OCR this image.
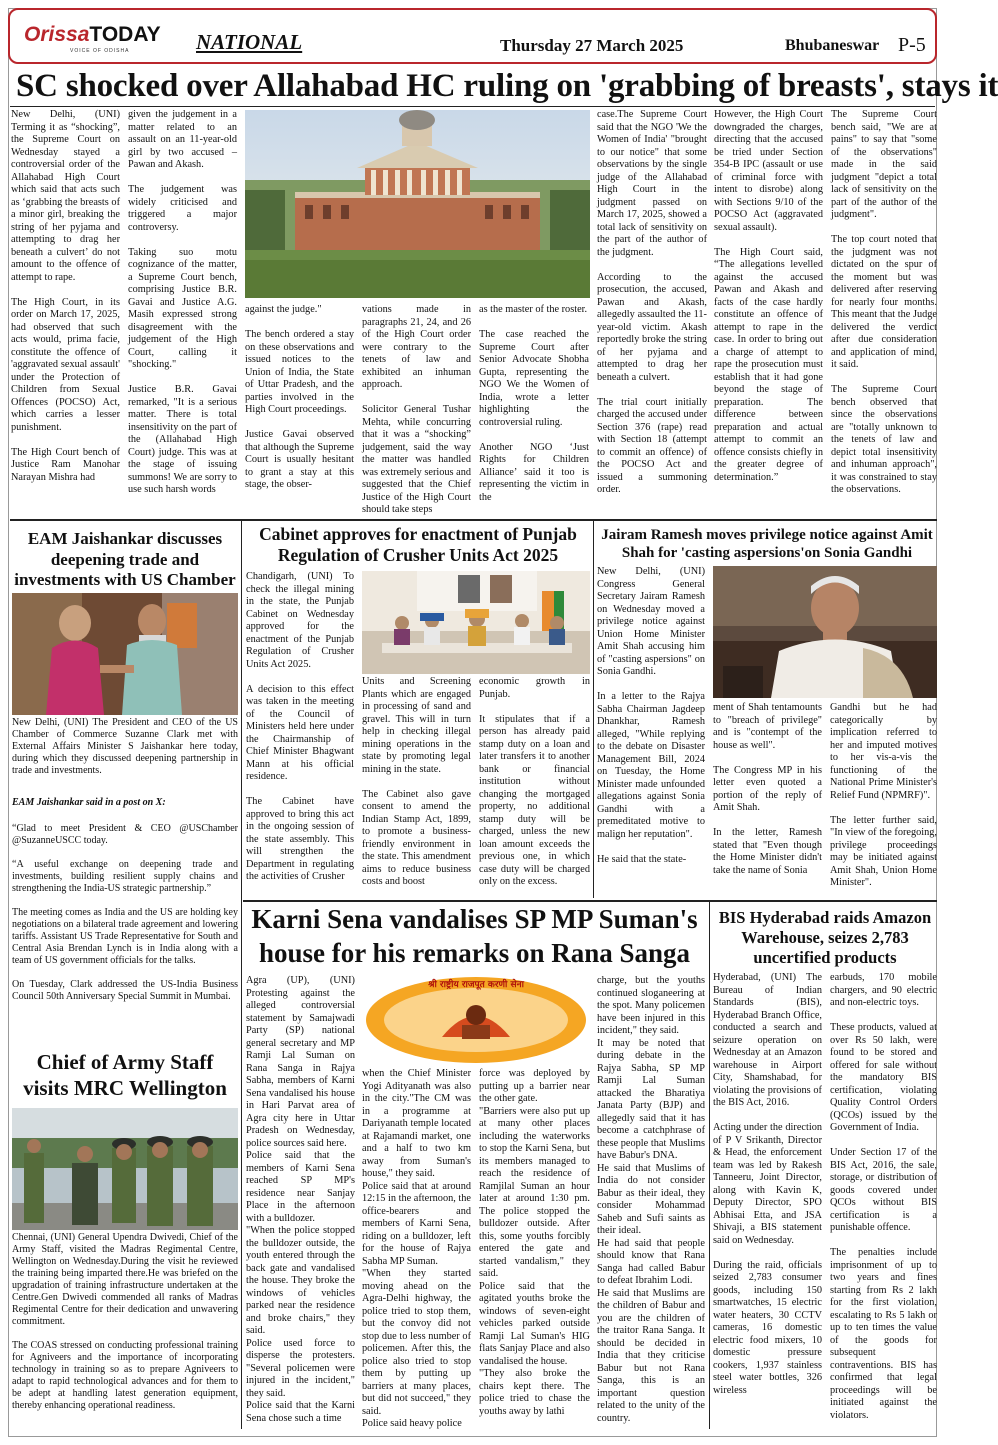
OrissaTODAY
VOICE OF ODISHA	NATIONAL	Thursday 27 March 2025	Bhubaneswar P-5
SC shocked over Allahabad HC ruling on 'grabbing of breasts', stays it
New Delhi, (UNI) Terming it as “shocking”, the Supreme Court on Wednesday stayed a controversial order of the Allahabad High Court which said that acts such as ‘grabbing the breasts of a minor girl, breaking the string of her pyjama and attempting to drag her beneath a culvert’ do not amount to the offence of attempt to rape.

The High Court, in its order on March 17, 2025, had observed that such acts would, prima facie, constitute the offence of 'aggravated sexual assault' under the Protection of Children from Sexual Offences (POCSO) Act, which carries a lesser punishment.

The High Court bench of Justice Ram Manohar Narayan Mishra had
given the judgement in a matter related to an assault on an 11-year-old girl by two accused – Pawan and Akash.

The judgement was widely criticised and triggered a major controversy.

Taking suo motu cognizance of the matter, a Supreme Court bench, comprising Justice B.R. Gavai and Justice A.G. Masih expressed strong disagreement with the judgement of the High Court, calling it "shocking."

Justice B.R. Gavai remarked, "It is a serious matter. There is total insensitivity on the part of the (Allahabad High Court) judge. This was at the stage of issuing summons! We are sorry to use such harsh words
against the judge."

The bench ordered a stay on these observations and issued notices to the Union of India, the State of Uttar Pradesh, and the parties involved in the High Court proceedings.

Justice Gavai observed that although the Supreme Court is usually hesitant to grant a stay at this stage, the obser-
vations made in paragraphs 21, 24, and 26 of the High Court order were contrary to the tenets of law and exhibited an inhuman approach.

Solicitor General Tushar Mehta, while concurring that it was a “shocking” judgement, said the way the matter was handled was extremely serious and suggested that the Chief Justice of the High Court should take steps
as the master of the roster.

The case reached the Supreme Court after Senior Advocate Shobha Gupta, representing the NGO We the Women of India, wrote a letter highlighting the controversial ruling.

Another NGO ‘Just Rights for Children Alliance’ said it too is representing the victim in the
case.The Supreme Court said that the NGO 'We the Women of India' "brought to our notice" that some observations by the single judge of the Allahabad High Court in the judgment passed on March 17, 2025, showed a total lack of sensitivity on the part of the author of the judgment.

According to the prosecution, the accused, Pawan and Akash, allegedly assaulted the 11-year-old victim. Akash reportedly broke the string of her pyjama and attempted to drag her beneath a culvert.

The trial court initially charged the accused under Section 376 (rape) read with Section 18 (attempt to commit an offence) of the POCSO Act and issued a summoning order.
However, the High Court downgraded the charges, directing that the accused be tried under Section 354-B IPC (assault or use of criminal force with intent to disrobe) along with Sections 9/10 of the POCSO Act (aggravated sexual assault).

The High Court said, “The allegations levelled against the accused Pawan and Akash and facts of the case hardly constitute an offence of attempt to rape in the case. In order to bring out a charge of attempt to rape the prosecution must establish that it had gone beyond the stage of preparation. The difference between preparation and actual attempt to commit an offence consists chiefly in the greater degree of determination.”
The Supreme Court bench said, "We are at pains" to say that "some of the observations" made in the said judgment "depict a total lack of sensitivity on the part of the author of the judgment".

The top court noted that the judgment was not dictated on the spur of the moment but was delivered after reserving for nearly four months. This meant that the Judge delivered the verdict after due consideration and application of mind, it said.

The Supreme Court bench observed that since the observations are "totally unknown to the tenets of law and depict total insensitivity and inhuman approach", it was constrained to stay the observations.
EAM Jaishankar discusses deepening trade and investments with US Chamber
New Delhi, (UNI) The President and CEO of the US Chamber of Commerce Suzanne Clark met with External Affairs Minister S Jaishankar here today, during which they discussed deepening partnership in trade and investments.
EAM Jaishankar said in a post on X:
“Glad to meet President & CEO @USChamber @SuzanneUSCC today.

“A useful exchange on deepening trade and investments, building resilient supply chains and strengthening the India-US strategic partnership.”

The meeting comes as India and the US are holding key negotiations on a bilateral trade agreement and lowering tariffs. Assistant US Trade Representative for South and Central Asia Brendan Lynch is in India along with a team of US government officials for the talks.

On Tuesday, Clark addressed the US-India Business Council 50th Anniversary Special Summit in Mumbai.
Chief of Army Staff visits MRC Wellington
Chennai, (UNI) General Upendra Dwivedi, Chief of the Army Staff, visited the Madras Regimental Centre, Wellington on Wednesday.During the visit he reviewed the training being imparted there.He was briefed on the upgradation of training infrastructure undertaken at the Centre.Gen Dwivedi commended all ranks of Madras Regimental Centre for their dedication and unwavering commitment.

The COAS stressed on conducting professional training for Agniveers and the importance of incorporating technology in training so as to prepare Agniveers to adapt to rapid technological advances and for them to be adept at handling latest generation equipment, thereby enhancing operational readiness.
Cabinet approves for enactment of Punjab Regulation of Crusher Units Act 2025
Chandigarh, (UNI) To check the illegal mining in the state, the Punjab Cabinet on Wednesday approved for the enactment of the Punjab Regulation of Crusher Units Act 2025.

A decision to this effect was taken in the meeting of the Council of Ministers held here under the Chairmanship of Chief Minister Bhagwant Mann at his official residence.

The Cabinet have approved to bring this act in the ongoing session of the state assembly. This will strengthen the Department in regulating the activities of Crusher
Units and Screening Plants which are engaged in processing of sand and gravel. This will in turn help in checking illegal mining operations in the state by promoting legal mining in the state.

The Cabinet also gave consent to amend the Indian Stamp Act, 1899, to promote a business-friendly environment in the state. This amendment aims to reduce business costs and boost
economic growth in Punjab.

It stipulates that if a person has already paid stamp duty on a loan and later transfers it to another bank or financial institution without changing the mortgaged property, no additional stamp duty will be charged, unless the new loan amount exceeds the previous one, in which case duty will be charged only on the excess.
Jairam Ramesh moves privilege notice against Amit Shah for 'casting aspersions'on Sonia Gandhi
New Delhi, (UNI) Congress General Secretary Jairam Ramesh on Wednesday moved a privilege notice against Union Home Minister Amit Shah accusing him of "casting aspersions" on Sonia Gandhi.

In a letter to the Rajya Sabha Chairman Jagdeep Dhankhar, Ramesh alleged, "While replying to the debate on Disaster Management Bill, 2024 on Tuesday, the Home Minister made unfounded allegations against Sonia Gandhi with a premeditated motive to malign her reputation".

He said that the state-
ment of Shah tentamounts to "breach of privilege" and is "contempt of the house as well".

The Congress MP in his letter even quoted a portion of the reply of Amit Shah.

In the letter, Ramesh stated that "Even though the Home Minister didn't take the name of Sonia
Gandhi but he had categorically by implication referred to her and imputed motives to her vis-a-vis the functioning of the National Prime Minister's Relief Fund (NPMRF)".

The letter further said, "In view of the foregoing, privilege proceedings may be initiated against Amit Shah, Union Home Minister".
Karni Sena vandalises SP MP Suman's house for his remarks on Rana Sanga
Agra (UP), (UNI) Protesting against the alleged controversial statement by Samajwadi Party (SP) national general secretary and MP Ramji Lal Suman on Rana Sanga in Rajya Sabha, members of Karni Sena vandalised his house in Hari Parvat area of Agra city here in Uttar Pradesh on Wednesday, police sources said here.
Police said that the members of Karni Sena reached SP MP's residence near Sanjay Place in the afternoon with a bulldozer.
"When the police stopped the bulldozer outside, the youth entered through the back gate and vandalised the house. They broke the windows of vehicles parked near the residence and broke chairs," they said.
Police used force to disperse the protesters. "Several policemen were injured in the incident," they said.
Police said that the Karni Sena chose such a time
श्री राष्ट्रीय राजपूत करणी सेना
when the Chief Minister Yogi Adityanath was also in the city."The CM was in a programme at Dariyanath temple located at Rajamandi market, one and a half to two km away from Suman's house," they said.
Police said that at around 12:15 in the afternoon, the office-bearers and members of Karni Sena, riding on a bulldozer, left for the house of Rajya Sabha MP Suman.
"When they started moving ahead on the Agra-Delhi highway, the police tried to stop them, but the convoy did not stop due to less number of policemen. After this, the police also tried to stop them by putting up barriers at many places, but did not succeed," they said.
Police said heavy police
force was deployed by putting up a barrier near the other gate.
"Barriers were also put up at many other places including the waterworks to stop the Karni Sena, but its members managed to reach the residence of Ramjilal Suman an hour later at around 1:30 pm. The police stopped the bulldozer outside. After this, some youths forcibly entered the gate and started vandalism," they said.
Police said that the agitated youths broke the windows of seven-eight vehicles parked outside Ramji Lal Suman's HIG flats Sanjay Place and also vandalised the house.
"They also broke the chairs kept there. The police tried to chase the youths away by lathi
charge, but the youths continued sloganeering at the spot. Many policemen have been injured in this incident," they said.
It may be noted that during debate in the Rajya Sabha, SP MP Ramji Lal Suman attacked the Bharatiya Janata Party (BJP) and allegedly said that it has become a catchphrase of these people that Muslims have Babur's DNA.
He said that Muslims of India do not consider Babur as their ideal, they consider Mohammad Saheb and Sufi saints as their ideal.
He had said that people should know that Rana Sanga had called Babur to defeat Ibrahim Lodi.
He said that Muslims are the children of Babur and you are the children of the traitor Rana Sanga. It should be decided in India that they criticise Babur but not Rana Sanga, this is an important question related to the unity of the country.
BIS Hyderabad raids Amazon Warehouse, seizes 2,783 uncertified products
Hyderabad, (UNI) The Bureau of Indian Standards (BIS), Hyderabad Branch Office, conducted a search and seizure operation on Wednesday at an Amazon warehouse in Airport City, Shamshabad, for violating the provisions of the BIS Act, 2016.

Acting under the direction of P V Srikanth, Director & Head, the enforcement team was led by Rakesh Tanneeru, Joint Director, along with Kavin K, Deputy Director, SPO Abhisai Etta, and JSA Shivaji, a BIS statement said on Wednesday.

During the raid, officials seized 2,783 consumer goods, including 150 smartwatches, 15 electric water heaters, 30 CCTV cameras, 16 domestic electric food mixers, 10 domestic pressure cookers, 1,937 stainless steel water bottles, 326 wireless
earbuds, 170 mobile chargers, and 90 electric and non-electric toys.

These products, valued at over Rs 50 lakh, were found to be stored and offered for sale without the mandatory BIS certification, violating Quality Control Orders (QCOs) issued by the Government of India.

Under Section 17 of the BIS Act, 2016, the sale, storage, or distribution of goods covered under QCOs without BIS certification is a punishable offence.

The penalties include imprisonment of up to two years and fines starting from Rs 2 lakh for the first violation, escalating to Rs 5 lakh or up to ten times the value of the goods for subsequent contraventions. BIS has confirmed that legal proceedings will be initiated against the violators.
